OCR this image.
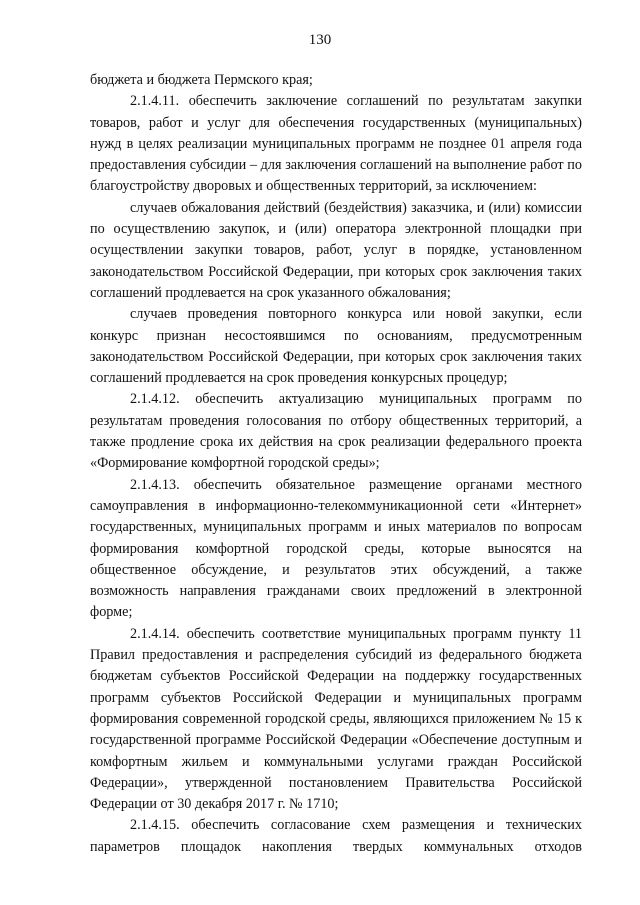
130

бюджета и бюджета Пермского края;

2.1.4.11. обеспечить заключение соглашений по результатам закупки товаров, работ и услуг для обеспечения государственных (муниципальных) нужд в целях реализации муниципальных программ не позднее 01 апреля года предоставления субсидии – для заключения соглашений на выполнение работ по благоустройству дворовых и общественных территорий, за исключением:

случаев обжалования действий (бездействия) заказчика, и (или) комиссии по осуществлению закупок, и (или) оператора электронной площадки при осуществлении закупки товаров, работ, услуг в порядке, установленном законодательством Российской Федерации, при которых срок заключения таких соглашений продлевается на срок указанного обжалования;

случаев проведения повторного конкурса или новой закупки, если конкурс признан несостоявшимся по основаниям, предусмотренным законодательством Российской Федерации, при которых срок заключения таких соглашений продлевается на срок проведения конкурсных процедур;

2.1.4.12. обеспечить актуализацию муниципальных программ по результатам проведения голосования по отбору общественных территорий, а также продление срока их действия на срок реализации федерального проекта «Формирование комфортной городской среды»;

2.1.4.13. обеспечить обязательное размещение органами местного самоуправления в информационно-телекоммуникационной сети «Интернет» государственных, муниципальных программ и иных материалов по вопросам формирования комфортной городской среды, которые выносятся на общественное обсуждение, и результатов этих обсуждений, а также возможность направления гражданами своих предложений в электронной форме;

2.1.4.14. обеспечить соответствие муниципальных программ пункту 11 Правил предоставления и распределения субсидий из федерального бюджета бюджетам субъектов Российской Федерации на поддержку государственных программ субъектов Российской Федерации и муниципальных программ формирования современной городской среды, являющихся приложением № 15 к государственной программе Российской Федерации «Обеспечение доступным и комфортным жильем и коммунальными услугами граждан Российской Федерации», утвержденной постановлением Правительства Российской Федерации от 30 декабря 2017 г. № 1710;

2.1.4.15. обеспечить согласование схем размещения и технических параметров площадок накопления твердых коммунальных отходов
